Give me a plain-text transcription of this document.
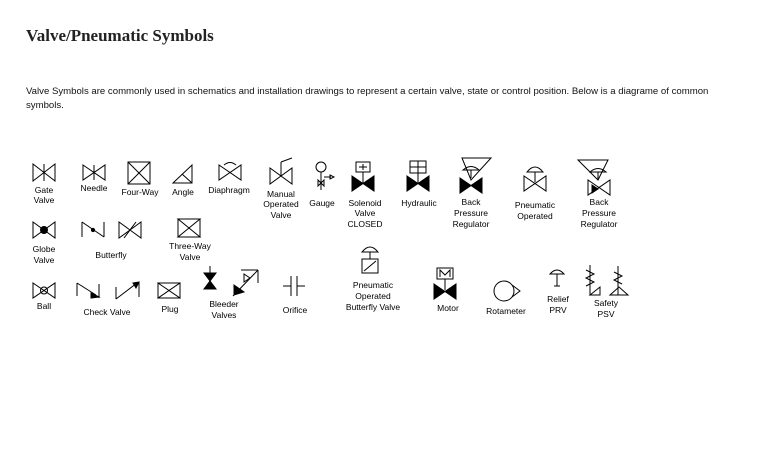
Valve/Pneumatic Symbols

Valve Symbols are commonly used in schematics and installation drawings to represent a certain valve, state or control position. Below is a diagrame of common symbols.

Gate
Valve
Needle Four-Way Angle Diaphragm Manual
Operated
Valve
Gauge Solenoid
Valve
CLOSED
Hydraulic	Back
Pressure
Regulator
Pneumatic
Operated
Back
Pressure
Regulator
Globe
Valve	Butterfly
Three-Way
Valve
Ball
Check Valve	Plug	Bleeder
Valves	Orifice
Pneumatic
Operated
Butterfly Valve	Motor	Rotameter
Relief
PRV
Safety
PSV
